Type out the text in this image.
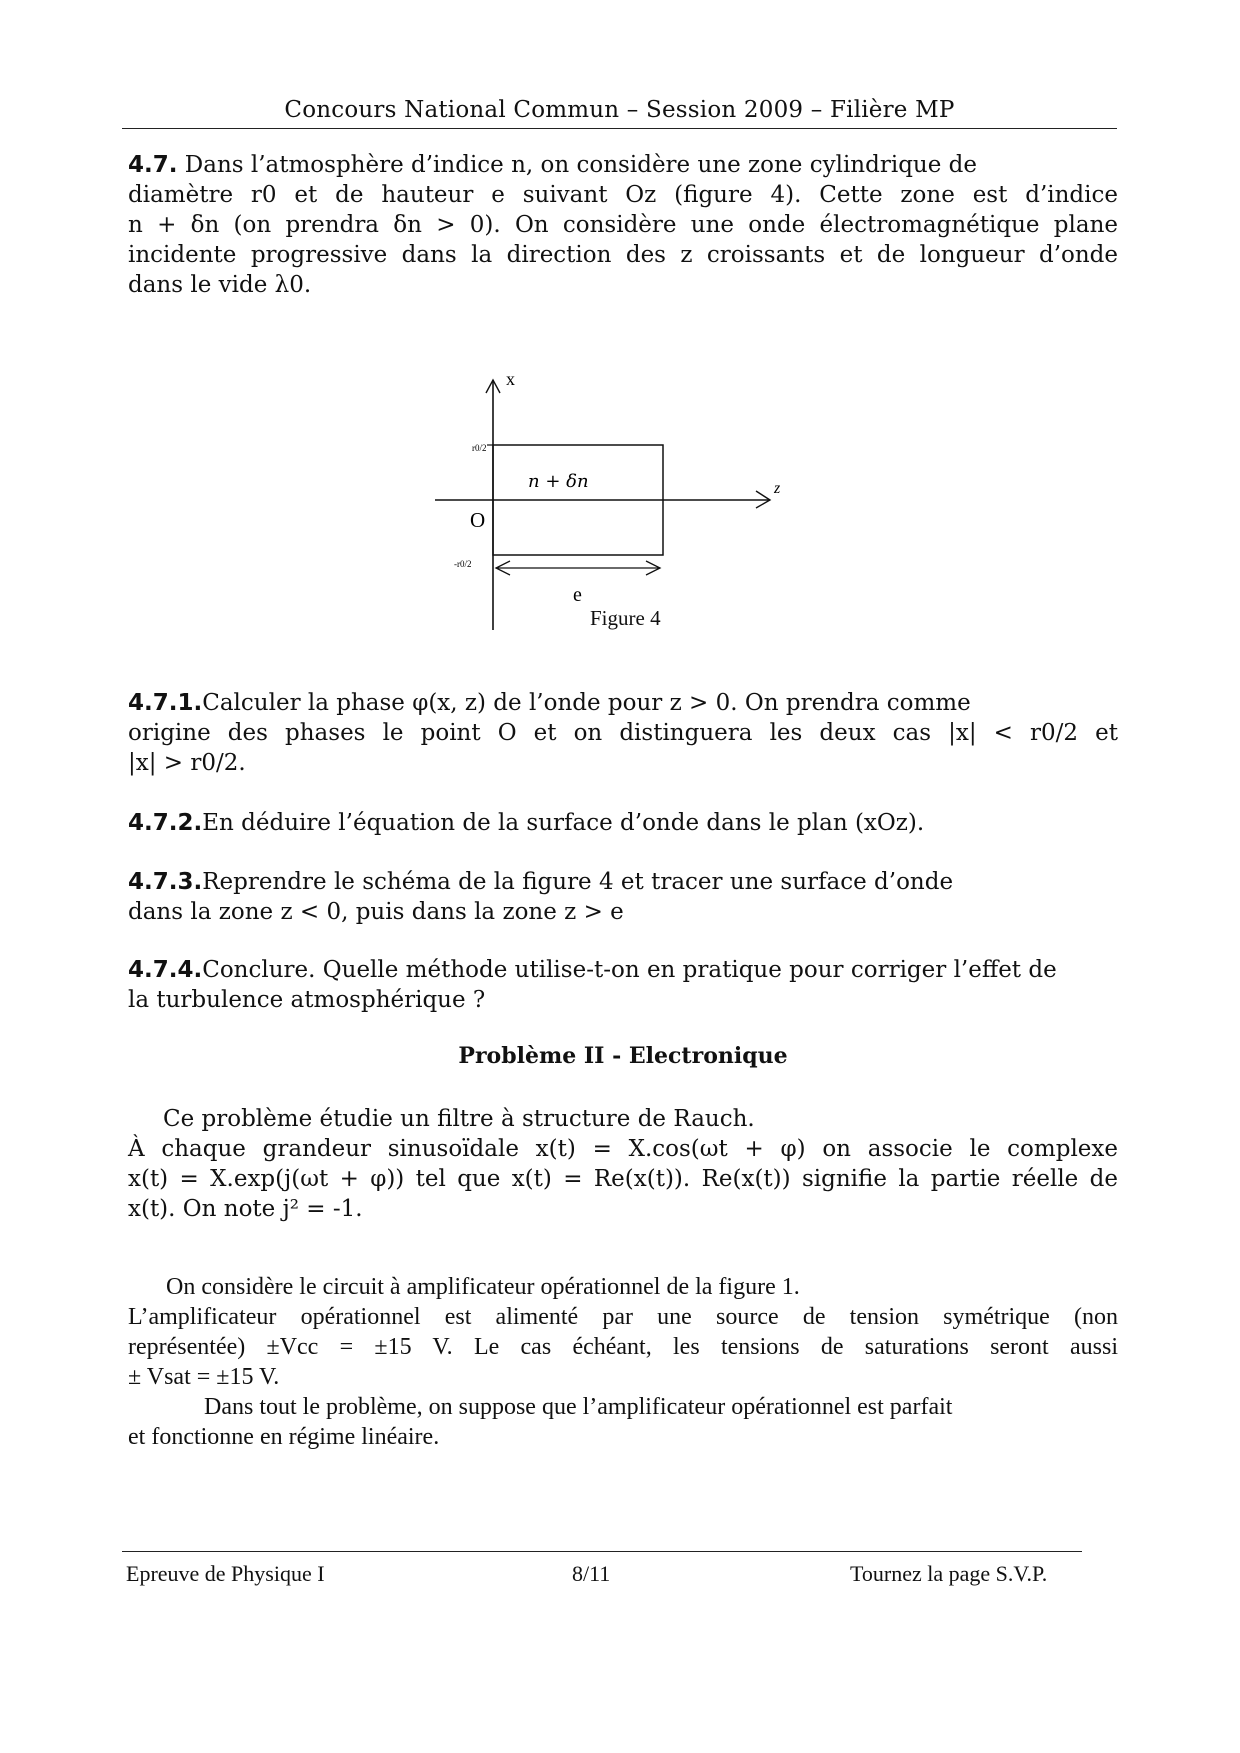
Concours National Commun – Session 2009 – Filière MP
4.7. Dans l’atmosphère d’indice n, on considère une zone cylindrique de
diamètre r0 et de hauteur e suivant Oz (figure 4). Cette zone est d’indice
n + δn (on prendra δn > 0). On considère une onde électromagnétique plane
incidente progressive dans la direction des z croissants et de longueur d’onde
dans le vide λ0.
x
z
n + δn
r0/2
-r0/2
O
e
Figure 4
4.7.1.Calculer la phase φ(x, z) de l’onde pour z > 0. On prendra comme
origine des phases le point O et on distinguera les deux cas |x| < r0/2 et
|x| > r0/2.
4.7.2.En déduire l’équation de la surface d’onde dans le plan (xOz).
4.7.3.Reprendre le schéma de la figure 4 et tracer une surface d’onde
dans la zone z < 0, puis dans la zone z > e
4.7.4.Conclure. Quelle méthode utilise-t-on en pratique pour corriger l’effet de
la turbulence atmosphérique ?
Problème II - Electronique
Ce problème étudie un filtre à structure de Rauch.
À chaque grandeur sinusoïdale x(t) = X.cos(ωt + φ) on associe le complexe
x(t) = X.exp(j(ωt + φ)) tel que x(t) = Re(x(t)). Re(x(t)) signifie la partie réelle de
x(t). On note j² = -1.
On considère le circuit à amplificateur opérationnel de la figure 1.
L’amplificateur opérationnel est alimenté par une source de tension symétrique (non
représentée) ±Vcc = ±15 V. Le cas échéant, les tensions de saturations seront aussi
± Vsat = ±15 V.
Dans tout le problème, on suppose que l’amplificateur opérationnel est parfait
et fonctionne en régime linéaire.
Epreuve de Physique I	8/11	Tournez la page S.V.P.
